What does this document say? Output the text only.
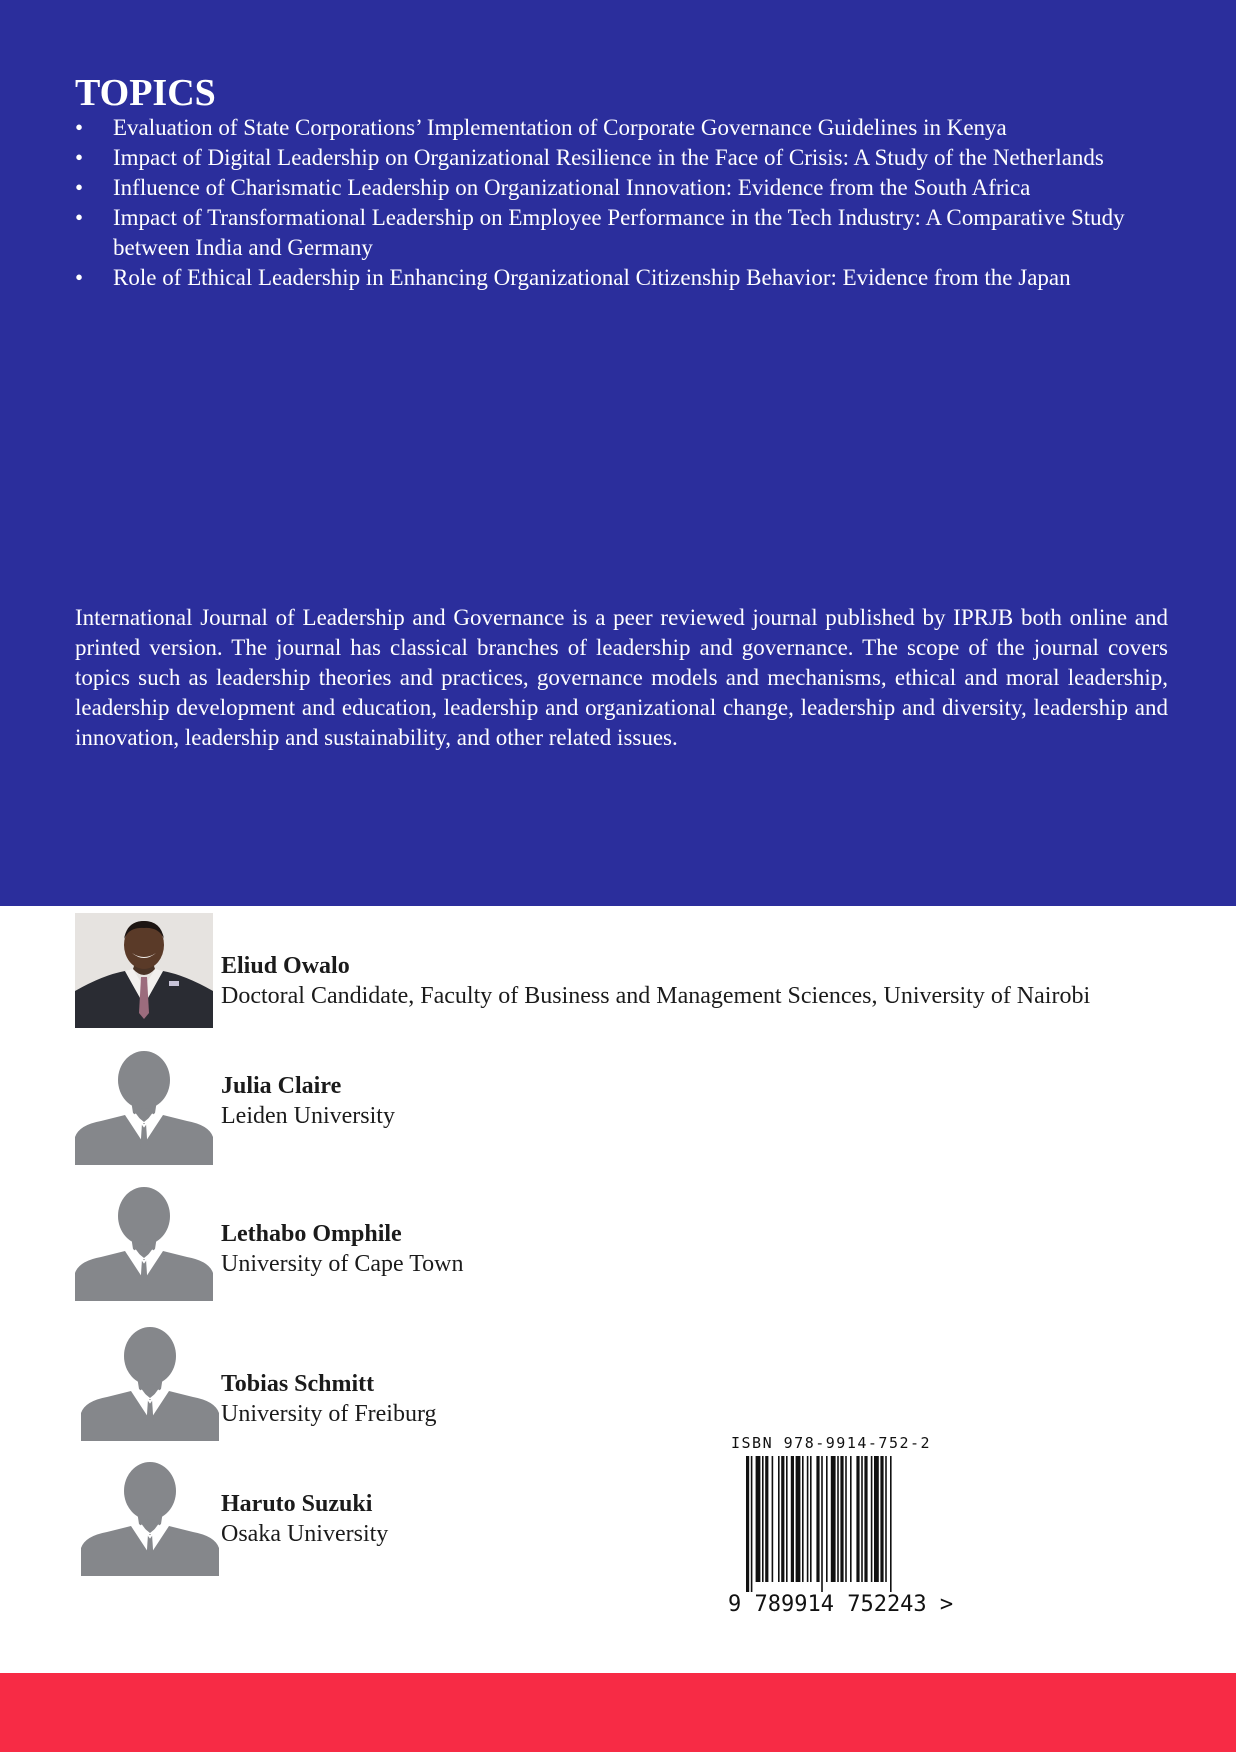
TOPICS
•	Evaluation of State Corporations’ Implementation of Corporate Governance Guidelines in Kenya
•	Impact of Digital Leadership on Organizational Resilience in the Face of Crisis: A Study of the Netherlands
•	Influence of Charismatic Leadership on Organizational Innovation: Evidence from the South Africa
•	Impact of Transformational Leadership on Employee Performance in the Tech Industry: A Comparative Study between India and Germany
•	Role of Ethical Leadership in Enhancing Organizational Citizenship Behavior: Evidence from the Japan

International Journal of Leadership and Governance is a peer reviewed journal published by IPRJB both online and printed version. The journal has classical branches of leadership and governance. The scope of the journal covers topics such as leadership theories and practices, governance models and mechanisms, ethical and moral leadership, leadership development and education, leadership and organizational change, leadership and diversity, leadership and innovation, leadership and sustainability, and other related issues.

Eliud Owalo
Doctoral Candidate, Faculty of Business and Management Sciences, University of Nairobi
Julia Claire
Leiden University
Lethabo Omphile
University of Cape Town
Tobias Schmitt
University of Freiburg
Haruto Suzuki
Osaka University
ISBN 978-9914-752-2
9 789914 752243 >
